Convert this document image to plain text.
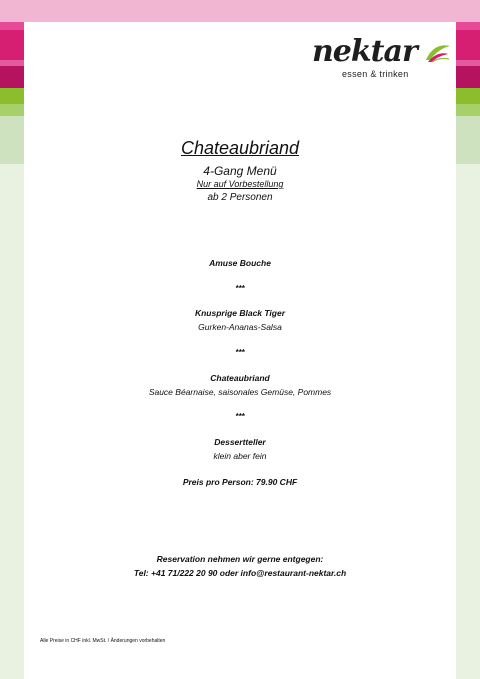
nektar
essen & trinken
Chateaubriand
4-Gang Menü
Nur auf Vorbestellung
ab 2 Personen
Amuse Bouche
***
Knusprige Black Tiger
Gurken-Ananas-Salsa
***
Chateaubriand
Sauce Béarnaise, saisonales Gemüse, Pommes
***
Dessertteller
klein aber fein
Preis pro Person: 79.90 CHF
Reservation nehmen wir gerne entgegen:
Tel: +41 71/222 20 90 oder info@restaurant-nektar.ch
Alle Preise in CHF inkl. MwSt. / Änderungen vorbehalten
